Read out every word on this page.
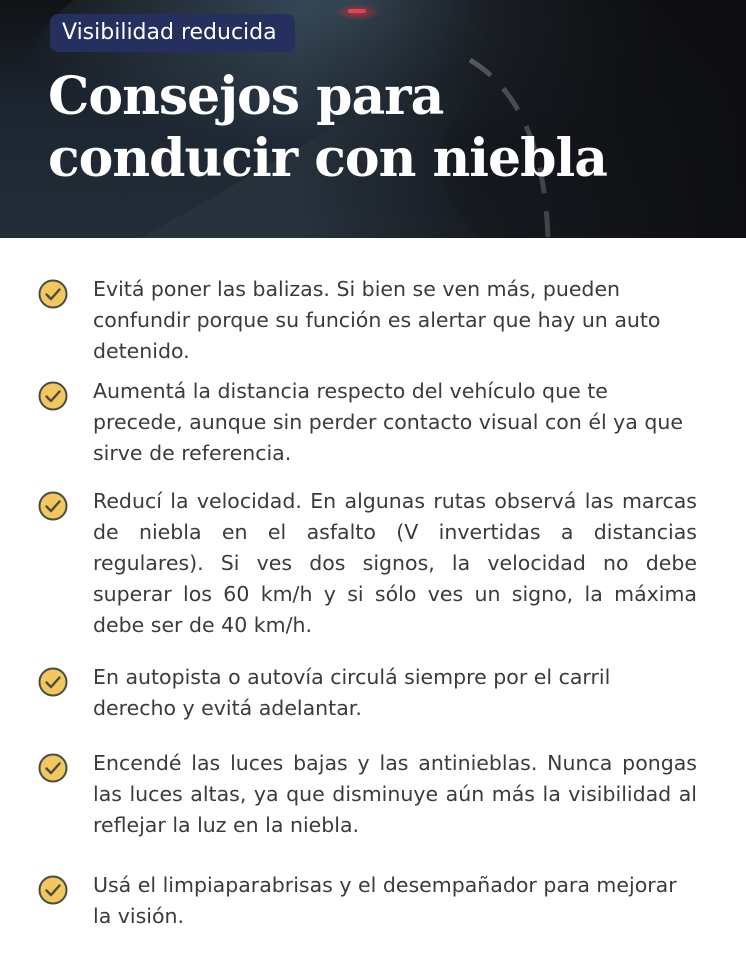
Visibilidad reducida
Consejos para
conducir con niebla

Evitá poner las balizas. Si bien se ven más, pueden confundir porque su función es alertar que hay un auto detenido.

Aumentá la distancia respecto del vehículo que te precede, aunque sin perder contacto visual con él ya que sirve de referencia.

Reducí la velocidad. En algunas rutas observá las marcas de niebla en el asfalto (V invertidas a distancias regulares). Si ves dos signos, la velocidad no debe superar los 60 km/h y si sólo ves un signo, la máxima debe ser de 40 km/h.

En autopista o autovía circulá siempre por el carril derecho y evitá adelantar.

Encendé las luces bajas y las antinieblas. Nunca pongas las luces altas, ya que disminuye aún más la visibilidad al reflejar la luz en la niebla.

Usá el limpiaparabrisas y el desempañador para mejorar la visión.
